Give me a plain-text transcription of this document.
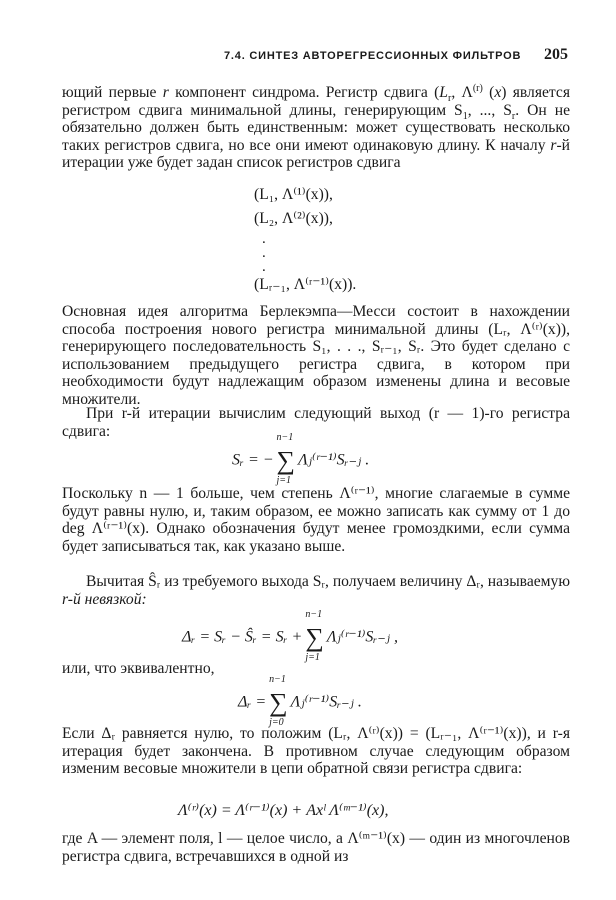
7.4. СИНТЕЗ АВТОРЕГРЕССИОННЫХ ФИЛЬТРОВ 205

ющий первые r компонент синдрома. Регистр сдвига ($L_r$, $\Lambda^{(r)}$ (x) является регистром сдвига минимальной длины, генерирующим $S_1$, ..., $S_r$. Он не обязательно должен быть единственным: может существовать несколько таких регистров сдвига, но все они имеют одинаковую длину. К началу r-й итерации уже будет задан список регистров сдвига

(L₁, Λ⁽¹⁾(x)),
(L₂, Λ⁽²⁾(x)),
.
.
.
(Lᵣ₋₁, Λ⁽ʳ⁻¹⁾(x)).

Основная идея алгоритма Берлекэмпа—Месси состоит в нахождении способа построения нового регистра минимальной длины (Lᵣ, Λ⁽ʳ⁾(x)), генерирующего последовательность S₁, . . ., Sᵣ₋₁, Sᵣ. Это будет сделано с использованием предыдущего регистра сдвига, в котором при необходимости будут надлежащим образом изменены длина и весовые множители.

При r-й итерации вычислим следующий выход (r — 1)-го регистра сдвига:

Sᵣ = − ∑
n−1
j=1
Λⱼ⁽ʳ⁻¹⁾Sᵣ₋ⱼ .

Поскольку n — 1 больше, чем степень Λ⁽ʳ⁻¹⁾, многие слагаемые в сумме будут равны нулю, и, таким образом, ее можно записать как сумму от 1 до deg Λ⁽ʳ⁻¹⁾(x). Однако обозначения будут менее громоздкими, если сумма будет записываться так, как указано выше.

Вычитая Ŝᵣ из требуемого выхода Sᵣ, получаем величину Δᵣ, называемую r-й невязкой:

Δᵣ = Sᵣ − Ŝᵣ = Sᵣ + ∑
n−1
j=1
Λⱼ⁽ʳ⁻¹⁾Sᵣ₋ⱼ ,

или, что эквивалентно,

Δᵣ = ∑
n−1
j=0
Λⱼ⁽ʳ⁻¹⁾Sᵣ₋ⱼ .

Если Δᵣ равняется нулю, то положим (Lᵣ, Λ⁽ʳ⁾(x)) = (Lᵣ₋₁, Λ⁽ʳ⁻¹⁾(x)), и r-я итерация будет закончена. В противном случае следующим образом изменим весовые множители в цепи обратной связи регистра сдвига:

Λ⁽ʳ⁾(x) = Λ⁽ʳ⁻¹⁾(x) + Axˡ Λ⁽ᵐ⁻¹⁾(x),

где A — элемент поля, l — целое число, а Λ⁽ᵐ⁻¹⁾(x) — один из многочленов регистра сдвига, встречавшихся в одной из
